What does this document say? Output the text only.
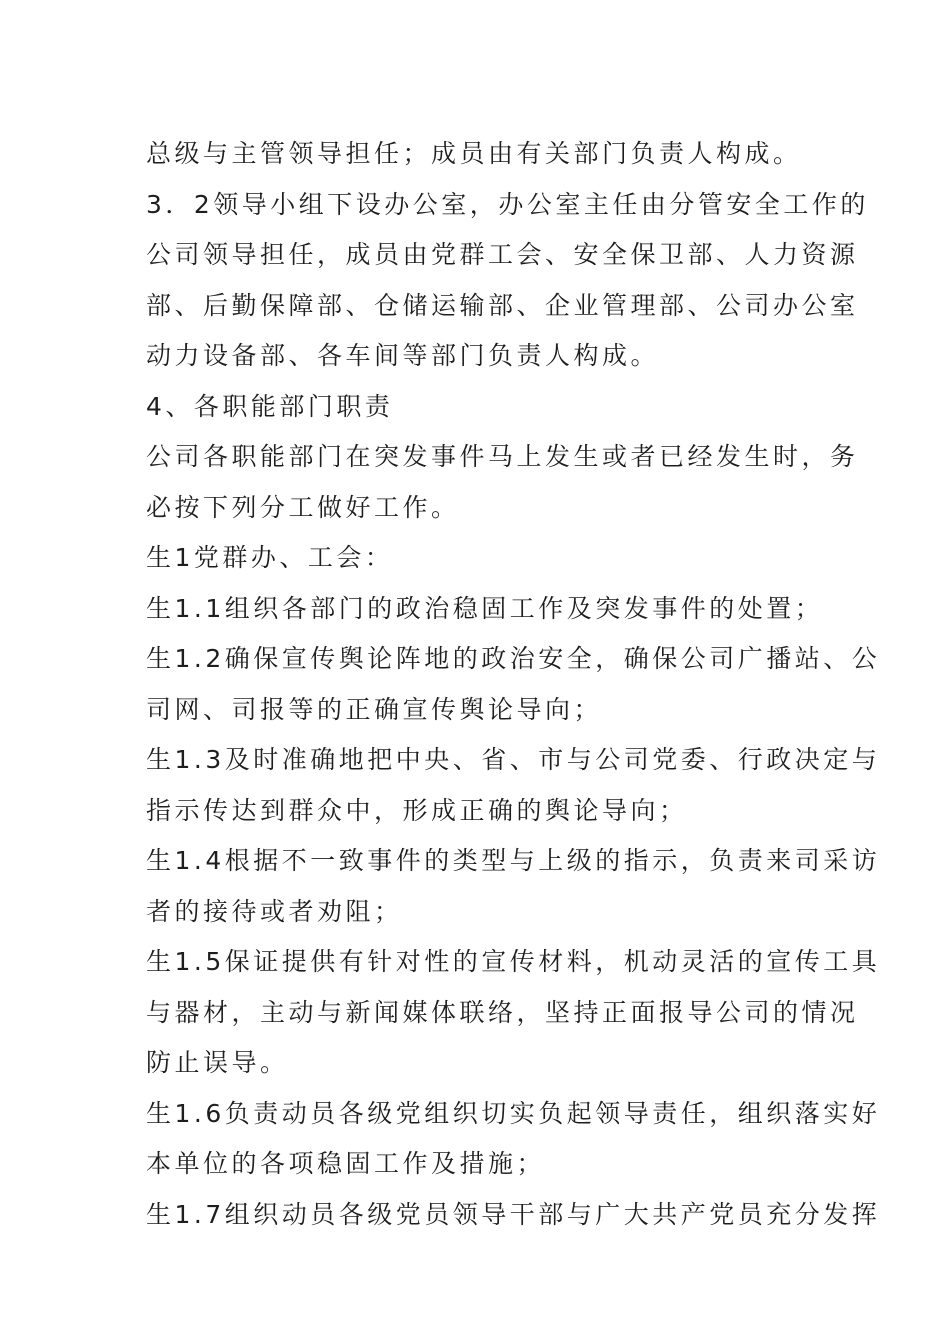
总级与主管领导担任；成员由有关部门负责人构成。
3．2领导小组下设办公室，办公室主任由分管安全工作的
公司领导担任，成员由党群工会、安全保卫部、人力资源
部、后勤保障部、仓储运输部、企业管理部、公司办公室
动力设备部、各车间等部门负责人构成。
4、各职能部门职责
公司各职能部门在突发事件马上发生或者已经发生时，务
必按下列分工做好工作。
生1党群办、工会：
生1.1组织各部门的政治稳固工作及突发事件的处置；
生1.2确保宣传舆论阵地的政治安全，确保公司广播站、公
司网、司报等的正确宣传舆论导向；
生1.3及时准确地把中央、省、市与公司党委、行政决定与
指示传达到群众中，形成正确的舆论导向；
生1.4根据不一致事件的类型与上级的指示，负责来司采访
者的接待或者劝阻；
生1.5保证提供有针对性的宣传材料，机动灵活的宣传工具
与器材，主动与新闻媒体联络，坚持正面报导公司的情况
防止误导。
生1.6负责动员各级党组织切实负起领导责任，组织落实好
本单位的各项稳固工作及措施；
生1.7组织动员各级党员领导干部与广大共产党员充分发挥
